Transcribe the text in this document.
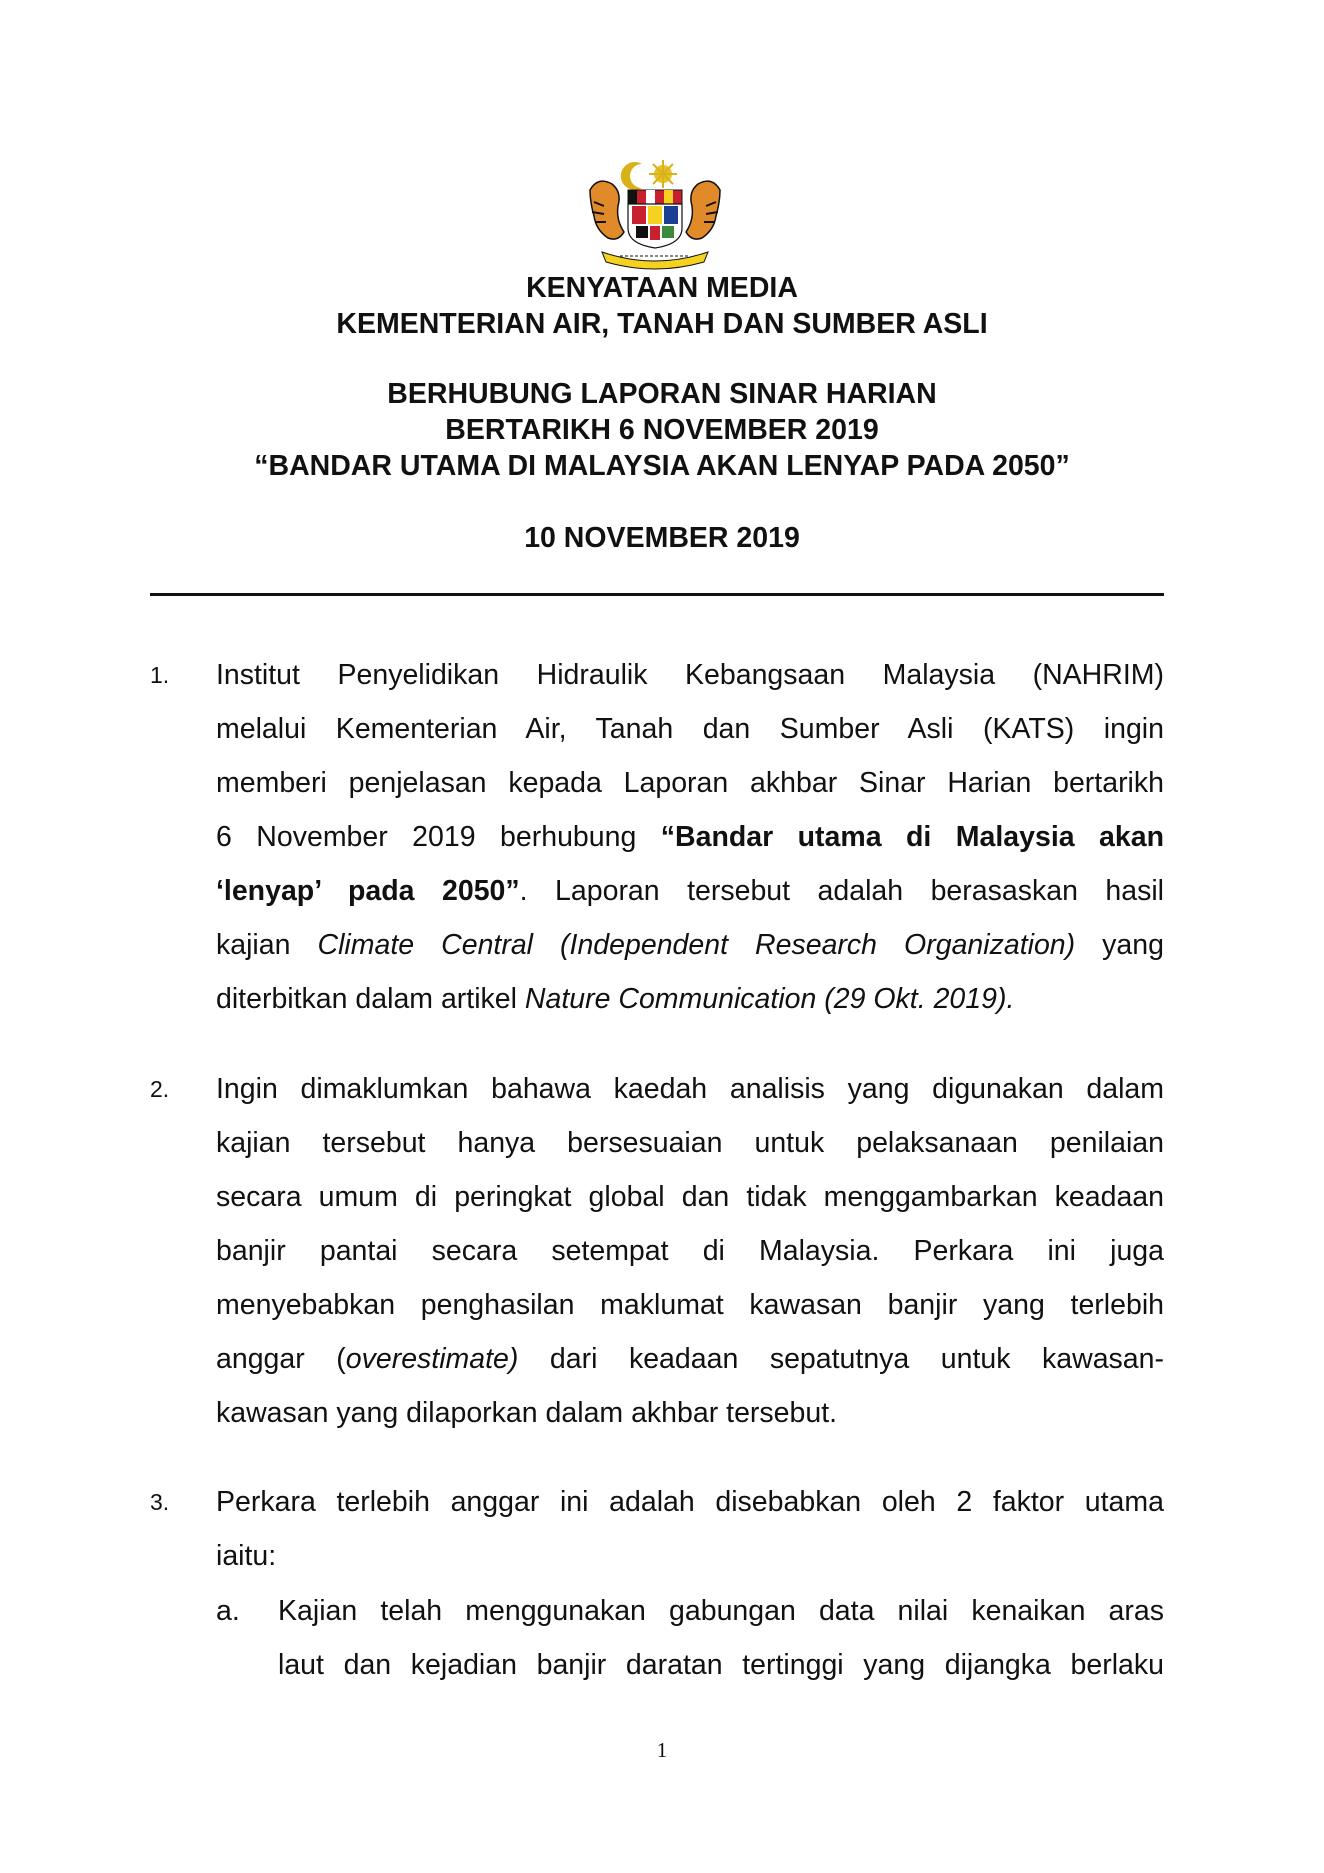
KENYATAAN MEDIA
KEMENTERIAN AIR, TANAH DAN SUMBER ASLI
BERHUBUNG LAPORAN SINAR HARIAN
BERTARIKH 6 NOVEMBER 2019
“BANDAR UTAMA DI MALAYSIA AKAN LENYAP PADA 2050”
10 NOVEMBER 2019
1.	Institut Penyelidikan Hidraulik Kebangsaan Malaysia (NAHRIM)
melalui Kementerian Air, Tanah dan Sumber Asli (KATS) ingin
memberi penjelasan kepada Laporan akhbar Sinar Harian bertarikh
6 November 2019 berhubung “Bandar utama di Malaysia akan
‘lenyap’ pada 2050”. Laporan tersebut adalah berasaskan hasil
kajian Climate Central (Independent Research Organization) yang
diterbitkan dalam artikel Nature Communication (29 Okt. 2019).
2.	Ingin dimaklumkan bahawa kaedah analisis yang digunakan dalam
kajian tersebut hanya bersesuaian untuk pelaksanaan penilaian
secara umum di peringkat global dan tidak menggambarkan keadaan
banjir pantai secara setempat di Malaysia. Perkara ini juga
menyebabkan penghasilan maklumat kawasan banjir yang terlebih
anggar (overestimate) dari keadaan sepatutnya untuk kawasan-
kawasan yang dilaporkan dalam akhbar tersebut.
3.	Perkara terlebih anggar ini adalah disebabkan oleh 2 faktor utama
iaitu:
a. Kajian telah menggunakan gabungan data nilai kenaikan aras
laut dan kejadian banjir daratan tertinggi yang dijangka berlaku
1
